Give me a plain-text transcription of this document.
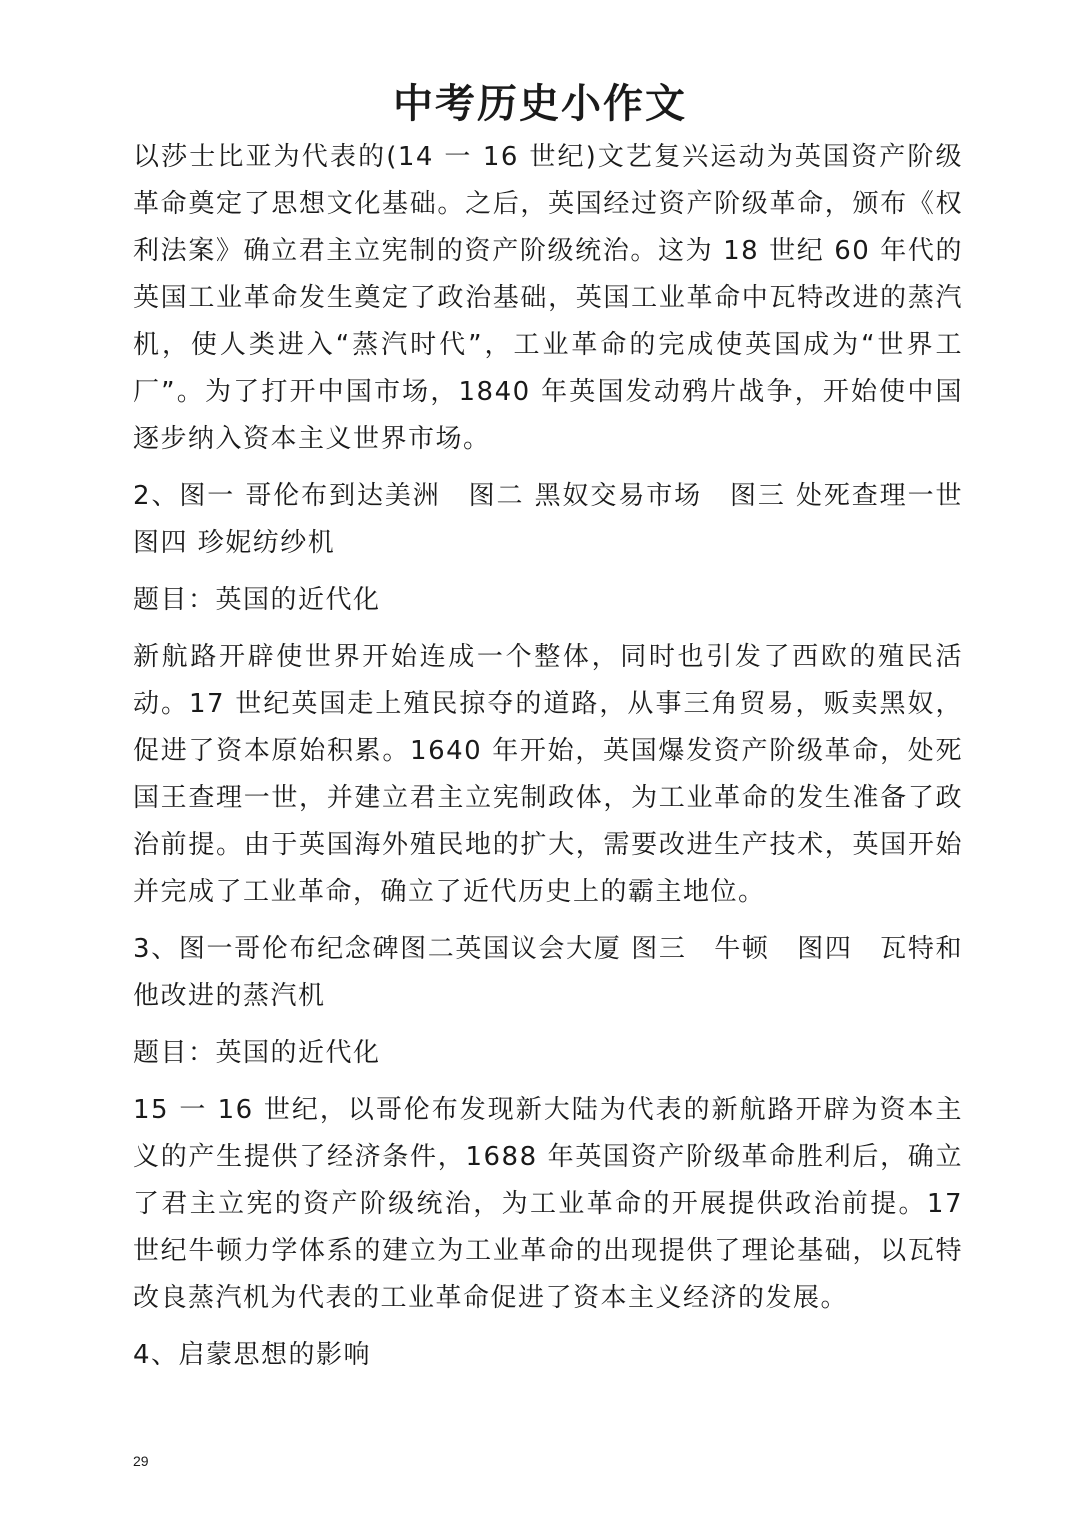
中考历史小作文

以莎士比亚为代表的(14 一 16 世纪)文艺复兴运动为英国资产阶级革命奠定了思想文化基础。之后，英国经过资产阶级革命，颁布《权利法案》确立君主立宪制的资产阶级统治。这为 18 世纪 60 年代的英国工业革命发生奠定了政治基础，英国工业革命中瓦特改进的蒸汽机，使人类进入“蒸汽时代”，工业革命的完成使英国成为“世界工厂”。为了打开中国市场，1840 年英国发动鸦片战争，开始使中国逐步纳入资本主义世界市场。

2、图一 哥伦布到达美洲　图二 黑奴交易市场　图三 处死查理一世图四 珍妮纺纱机

题目：英国的近代化

新航路开辟使世界开始连成一个整体，同时也引发了西欧的殖民活动。17 世纪英国走上殖民掠夺的道路，从事三角贸易，贩卖黑奴，促进了资本原始积累。1640 年开始，英国爆发资产阶级革命，处死国王查理一世，并建立君主立宪制政体，为工业革命的发生准备了政治前提。由于英国海外殖民地的扩大，需要改进生产技术，英国开始并完成了工业革命，确立了近代历史上的霸主地位。

3、图一哥伦布纪念碑图二英国议会大厦 图三　牛顿　图四　瓦特和他改进的蒸汽机

题目：英国的近代化

15 一 16 世纪，以哥伦布发现新大陆为代表的新航路开辟为资本主义的产生提供了经济条件，1688 年英国资产阶级革命胜利后，确立了君主立宪的资产阶级统治，为工业革命的开展提供政治前提。17　世纪牛顿力学体系的建立为工业革命的出现提供了理论基础，以瓦特改良蒸汽机为代表的工业革命促进了资本主义经济的发展。

4、启蒙思想的影响

29
